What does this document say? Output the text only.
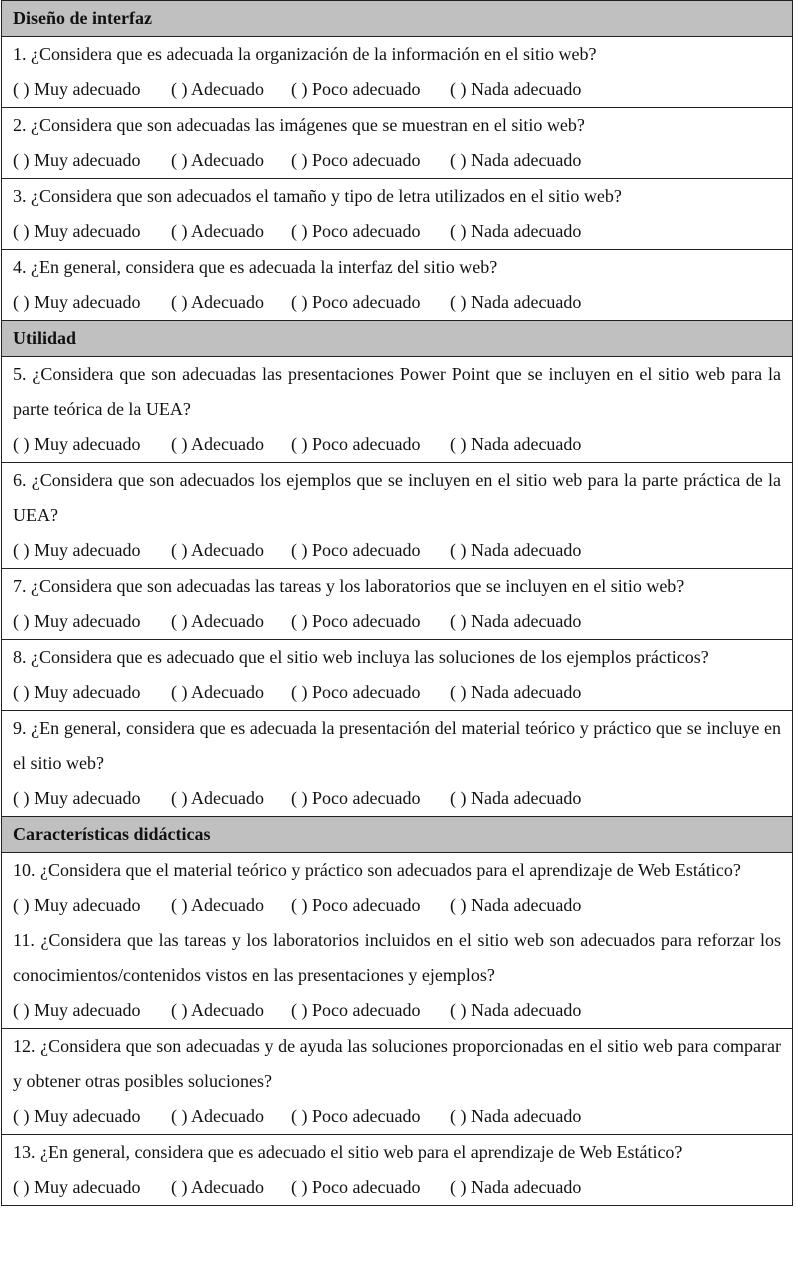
Diseño de interfaz

1. ¿Considera que es adecuada la organización de la información en el sitio web?
( ) Muy adecuado ( ) Adecuado ( ) Poco adecuado ( ) Nada adecuado

2. ¿Considera que son adecuadas las imágenes que se muestran en el sitio web?
( ) Muy adecuado ( ) Adecuado ( ) Poco adecuado ( ) Nada adecuado

3. ¿Considera que son adecuados el tamaño y tipo de letra utilizados en el sitio web?
( ) Muy adecuado ( ) Adecuado ( ) Poco adecuado ( ) Nada adecuado

4. ¿En general, considera que es adecuada la interfaz del sitio web?
( ) Muy adecuado ( ) Adecuado ( ) Poco adecuado ( ) Nada adecuado

Utilidad

5. ¿Considera que son adecuadas las presentaciones Power Point que se incluyen en el sitio web para la parte teórica de la UEA?
( ) Muy adecuado ( ) Adecuado ( ) Poco adecuado ( ) Nada adecuado

6. ¿Considera que son adecuados los ejemplos que se incluyen en el sitio web para la parte práctica de la UEA?
( ) Muy adecuado ( ) Adecuado ( ) Poco adecuado ( ) Nada adecuado

7. ¿Considera que son adecuadas las tareas y los laboratorios que se incluyen en el sitio web?
( ) Muy adecuado ( ) Adecuado ( ) Poco adecuado ( ) Nada adecuado

8. ¿Considera que es adecuado que el sitio web incluya las soluciones de los ejemplos prácticos?
( ) Muy adecuado ( ) Adecuado ( ) Poco adecuado ( ) Nada adecuado

9. ¿En general, considera que es adecuada la presentación del material teórico y práctico que se incluye en el sitio web?
( ) Muy adecuado ( ) Adecuado ( ) Poco adecuado ( ) Nada adecuado

Características didácticas

10. ¿Considera que el material teórico y práctico son adecuados para el aprendizaje de Web Estático?
( ) Muy adecuado ( ) Adecuado ( ) Poco adecuado ( ) Nada adecuado
11. ¿Considera que las tareas y los laboratorios incluidos en el sitio web son adecuados para reforzar los conocimientos/contenidos vistos en las presentaciones y ejemplos?
( ) Muy adecuado ( ) Adecuado ( ) Poco adecuado ( ) Nada adecuado

12. ¿Considera que son adecuadas y de ayuda las soluciones proporcionadas en el sitio web para comparar y obtener otras posibles soluciones?
( ) Muy adecuado ( ) Adecuado ( ) Poco adecuado ( ) Nada adecuado

13. ¿En general, considera que es adecuado el sitio web para el aprendizaje de Web Estático?
( ) Muy adecuado ( ) Adecuado ( ) Poco adecuado ( ) Nada adecuado
